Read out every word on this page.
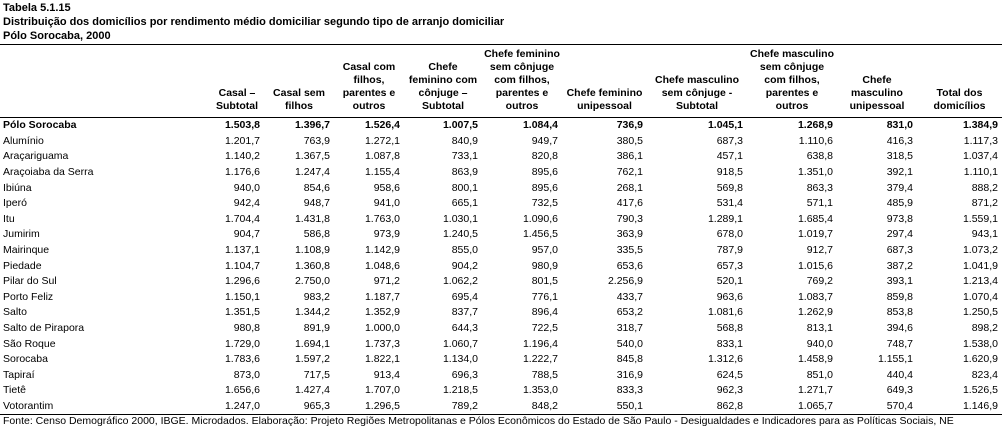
Tabela 5.1.15
Distribuição dos domicílios por rendimento médio domiciliar segundo tipo de arranjo domiciliar
Pólo Sorocaba, 2000
	Casal – Subtotal	Casal sem filhos	Casal com filhos, parentes e outros	Chefe feminino com cônjuge – Subtotal	Chefe feminino sem cônjuge com filhos, parentes e outros	Chefe feminino unipessoal	Chefe masculino sem cônjuge - Subtotal	Chefe masculino sem cônjuge com filhos, parentes e outros	Chefe masculino unipessoal	Total dos domicílios
Pólo Sorocaba	1.503,8	1.396,7	1.526,4	1.007,5	1.084,4	736,9	1.045,1	1.268,9	831,0	1.384,9
Alumínio	1.201,7	763,9	1.272,1	840,9	949,7	380,5	687,3	1.110,6	416,3	1.117,3
Araçariguama	1.140,2	1.367,5	1.087,8	733,1	820,8	386,1	457,1	638,8	318,5	1.037,4
Araçoiaba da Serra	1.176,6	1.247,4	1.155,4	863,9	895,6	762,1	918,5	1.351,0	392,1	1.110,1
Ibiúna	940,0	854,6	958,6	800,1	895,6	268,1	569,8	863,3	379,4	888,2
Iperó	942,4	948,7	941,0	665,1	732,5	417,6	531,4	571,1	485,9	871,2
Itu	1.704,4	1.431,8	1.763,0	1.030,1	1.090,6	790,3	1.289,1	1.685,4	973,8	1.559,1
Jumirim	904,7	586,8	973,9	1.240,5	1.456,5	363,9	678,0	1.019,7	297,4	943,1
Mairinque	1.137,1	1.108,9	1.142,9	855,0	957,0	335,5	787,9	912,7	687,3	1.073,2
Piedade	1.104,7	1.360,8	1.048,6	904,2	980,9	653,6	657,3	1.015,6	387,2	1.041,9
Pilar do Sul	1.296,6	2.750,0	971,2	1.062,2	801,5	2.256,9	520,1	769,2	393,1	1.213,4
Porto Feliz	1.150,1	983,2	1.187,7	695,4	776,1	433,7	963,6	1.083,7	859,8	1.070,4
Salto	1.351,5	1.344,2	1.352,9	837,7	896,4	653,2	1.081,6	1.262,9	853,8	1.250,5
Salto de Pirapora	980,8	891,9	1.000,0	644,3	722,5	318,7	568,8	813,1	394,6	898,2
São Roque	1.729,0	1.694,1	1.737,3	1.060,7	1.196,4	540,0	833,1	940,0	748,7	1.538,0
Sorocaba	1.783,6	1.597,2	1.822,1	1.134,0	1.222,7	845,8	1.312,6	1.458,9	1.155,1	1.620,9
Tapiraí	873,0	717,5	913,4	696,3	788,5	316,9	624,5	851,0	440,4	823,4
Tietê	1.656,6	1.427,4	1.707,0	1.218,5	1.353,0	833,3	962,3	1.271,7	649,3	1.526,5
Votorantim	1.247,0	965,3	1.296,5	789,2	848,2	550,1	862,8	1.065,7	570,4	1.146,9
Fonte: Censo Demográfico 2000, IBGE. Microdados. Elaboração: Projeto Regiões Metropolitanas e Pólos Econômicos do Estado de São Paulo - Desigualdades e Indicadores para as Políticas Sociais, NE
